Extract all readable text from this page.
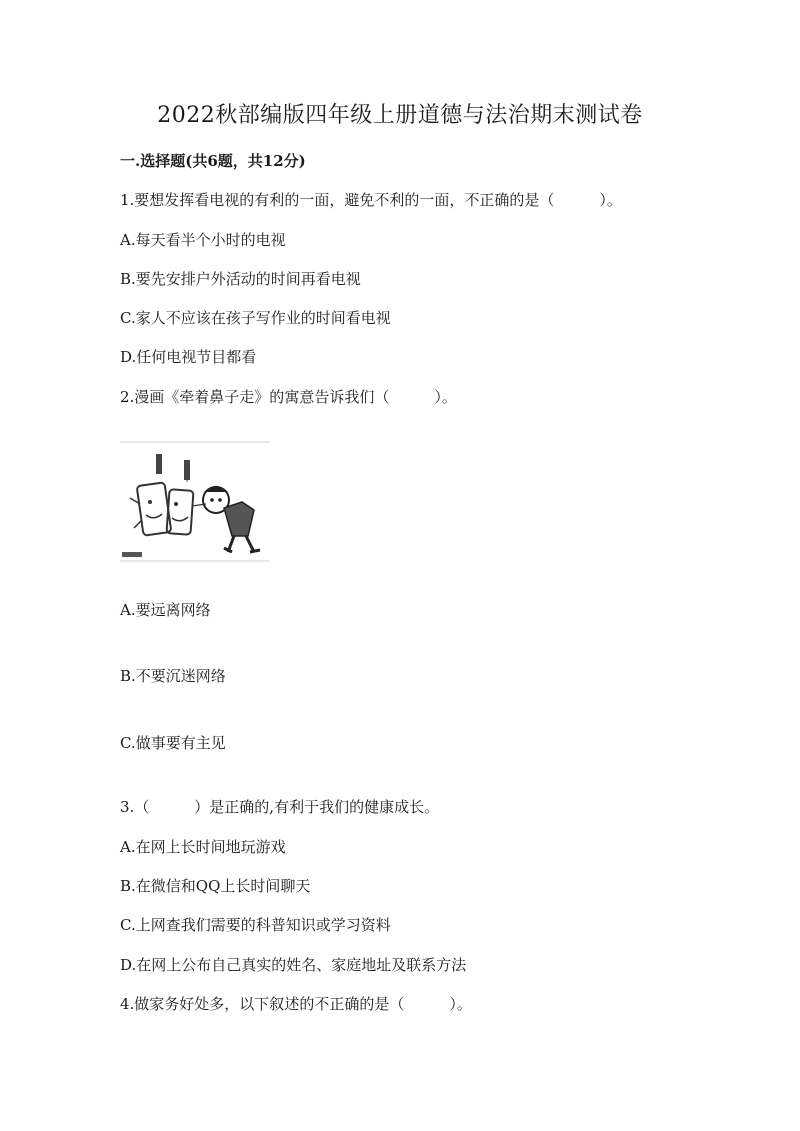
2022秋部编版四年级上册道德与法治期末测试卷
一.选择题(共6题，共12分)
1.要想发挥看电视的有利的一面，避免不利的一面，不正确的是（　　　）。
A.每天看半个小时的电视
B.要先安排户外活动的时间再看电视
C.家人不应该在孩子写作业的时间看电视
D.任何电视节目都看
2.漫画《牵着鼻子走》的寓意告诉我们（　　　）。
A.要远离网络
B.不要沉迷网络
C.做事要有主见
3.（　　　）是正确的,有利于我们的健康成长。
A.在网上长时间地玩游戏
B.在微信和QQ上长时间聊天
C.上网查我们需要的科普知识或学习资料
D.在网上公布自己真实的姓名、家庭地址及联系方法
4.做家务好处多，以下叙述的不正确的是（　　　）。
